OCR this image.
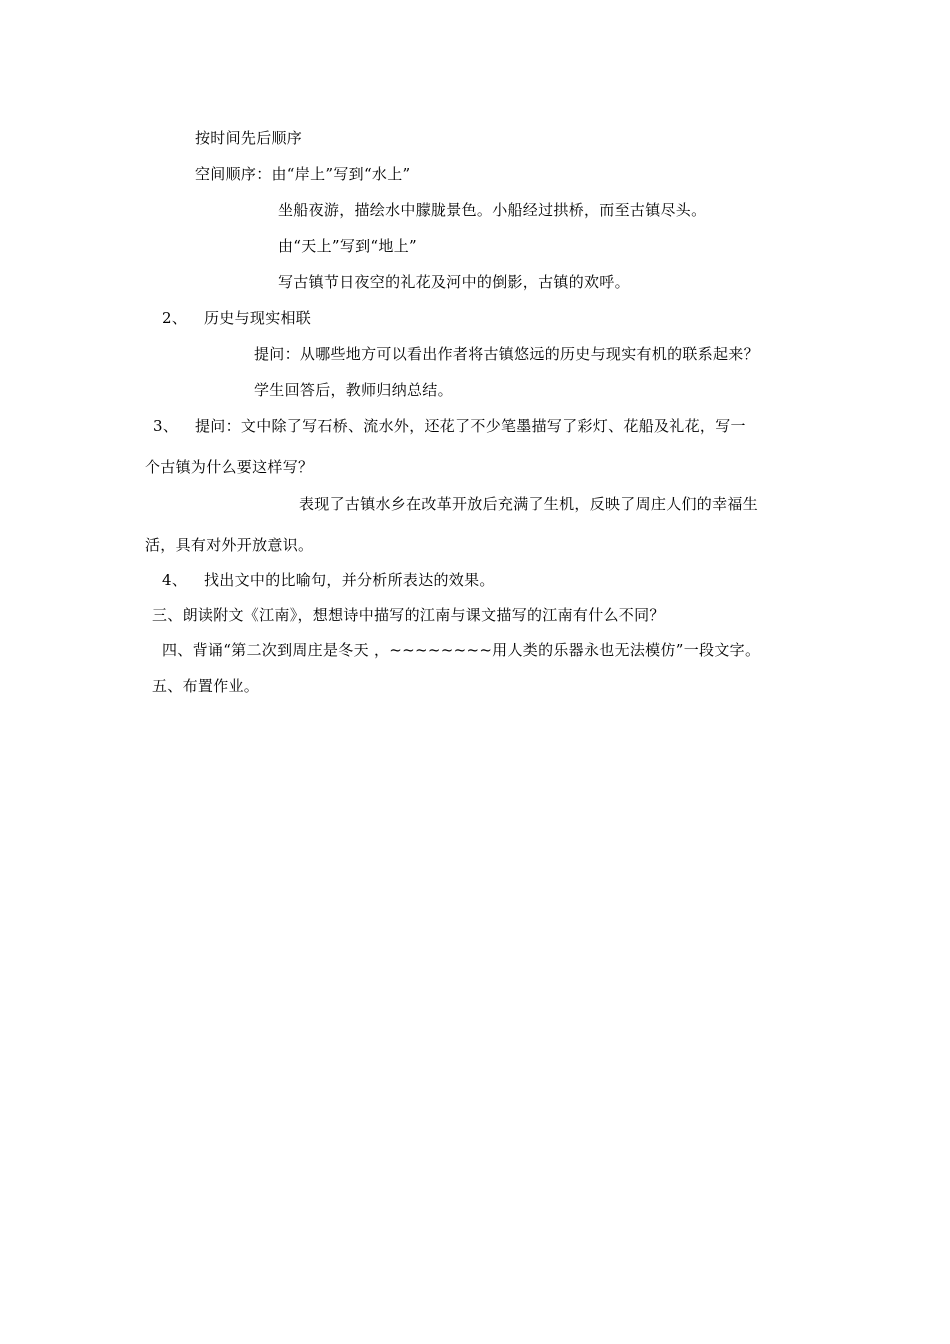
按时间先后顺序
空间顺序：由“岸上”写到“水上”
坐船夜游，描绘水中朦胧景色。小船经过拱桥，而至古镇尽头。
由“天上”写到“地上”
写古镇节日夜空的礼花及河中的倒影，古镇的欢呼。
2、 历史与现实相联
提问：从哪些地方可以看出作者将古镇悠远的历史与现实有机的联系起来？
学生回答后，教师归纳总结。
3、 提问：文中除了写石桥、流水外，还花了不少笔墨描写了彩灯、花船及礼花，写一
个古镇为什么要这样写？
表现了古镇水乡在改革开放后充满了生机，反映了周庄人们的幸福生
活，具有对外开放意识。
4、 找出文中的比喻句，并分析所表达的效果。
三、朗读附文《江南》，想想诗中描写的江南与课文描写的江南有什么不同？
四、背诵“第二次到周庄是冬天 ，~~~~~~~~用人类的乐器永也无法模仿”一段文字。
五、布置作业。
